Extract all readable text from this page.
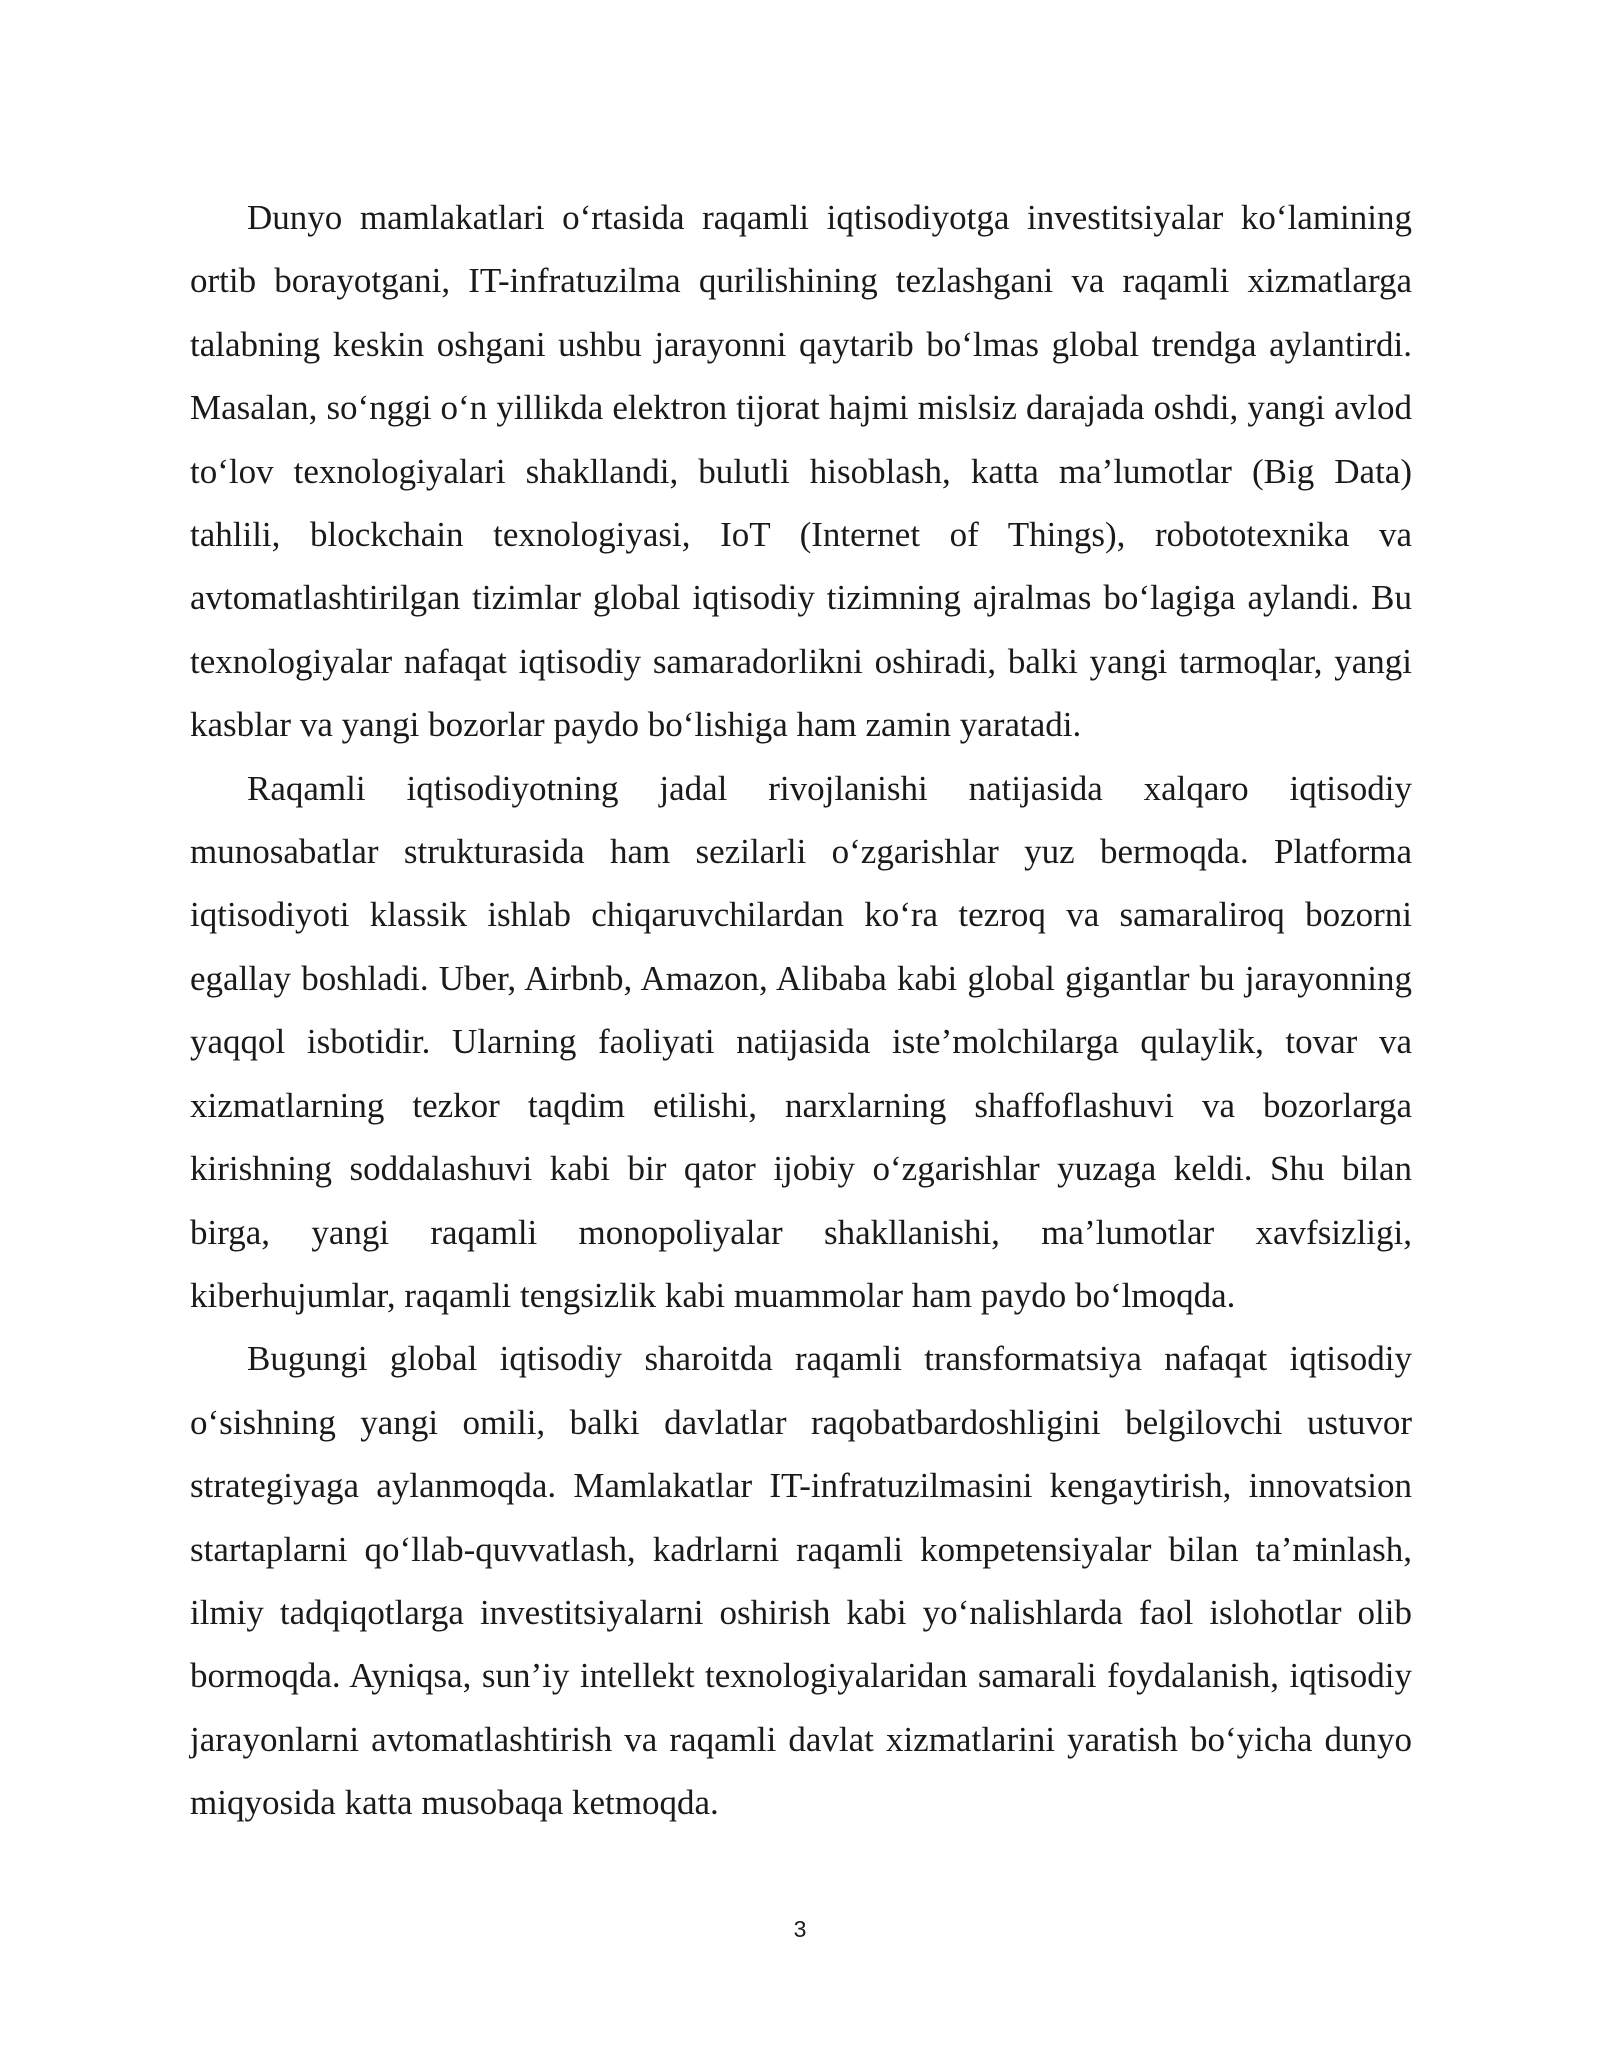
Dunyo mamlakatlari o‘rtasida raqamli iqtisodiyotga investitsiyalar ko‘lamining ortib borayotgani, IT-infratuzilma qurilishining tezlashgani va raqamli xizmatlarga talabning keskin oshgani ushbu jarayonni qaytarib bo‘lmas global trendga aylantirdi. Masalan, so‘nggi o‘n yillikda elektron tijorat hajmi mislsiz darajada oshdi, yangi avlod to‘lov texnologiyalari shakllandi, bulutli hisoblash, katta ma’lumotlar (Big Data) tahlili, blockchain texnologiyasi, IoT (Internet of Things), robototexnika va avtomatlashtirilgan tizimlar global iqtisodiy tizimning ajralmas bo‘lagiga aylandi. Bu texnologiyalar nafaqat iqtisodiy samaradorlikni oshiradi, balki yangi tarmoqlar, yangi kasblar va yangi bozorlar paydo bo‘lishiga ham zamin yaratadi.

Raqamli iqtisodiyotning jadal rivojlanishi natijasida xalqaro iqtisodiy munosabatlar strukturasida ham sezilarli o‘zgarishlar yuz bermoqda. Platforma iqtisodiyoti klassik ishlab chiqaruvchilardan ko‘ra tezroq va samaraliroq bozorni egallay boshladi. Uber, Airbnb, Amazon, Alibaba kabi global gigantlar bu jarayonning yaqqol isbotidir. Ularning faoliyati natijasida iste’molchilarga qulaylik, tovar va xizmatlarning tezkor taqdim etilishi, narxlarning shaffoflashuvi va bozorlarga kirishning soddalashuvi kabi bir qator ijobiy o‘zgarishlar yuzaga keldi. Shu bilan birga, yangi raqamli monopoliyalar shakllanishi, ma’lumotlar xavfsizligi, kiberhujumlar, raqamli tengsizlik kabi muammolar ham paydo bo‘lmoqda.

Bugungi global iqtisodiy sharoitda raqamli transformatsiya nafaqat iqtisodiy o‘sishning yangi omili, balki davlatlar raqobatbardoshligini belgilovchi ustuvor strategiyaga aylanmoqda. Mamlakatlar IT-infratuzilmasini kengaytirish, innovatsion startaplarni qo‘llab-quvvatlash, kadrlarni raqamli kompetensiyalar bilan ta’minlash, ilmiy tadqiqotlarga investitsiyalarni oshirish kabi yo‘nalishlarda faol islohotlar olib bormoqda. Ayniqsa, sun’iy intellekt texnologiyalaridan samarali foydalanish, iqtisodiy jarayonlarni avtomatlashtirish va raqamli davlat xizmatlarini yaratish bo‘yicha dunyo miqyosida katta musobaqa ketmoqda.

3
